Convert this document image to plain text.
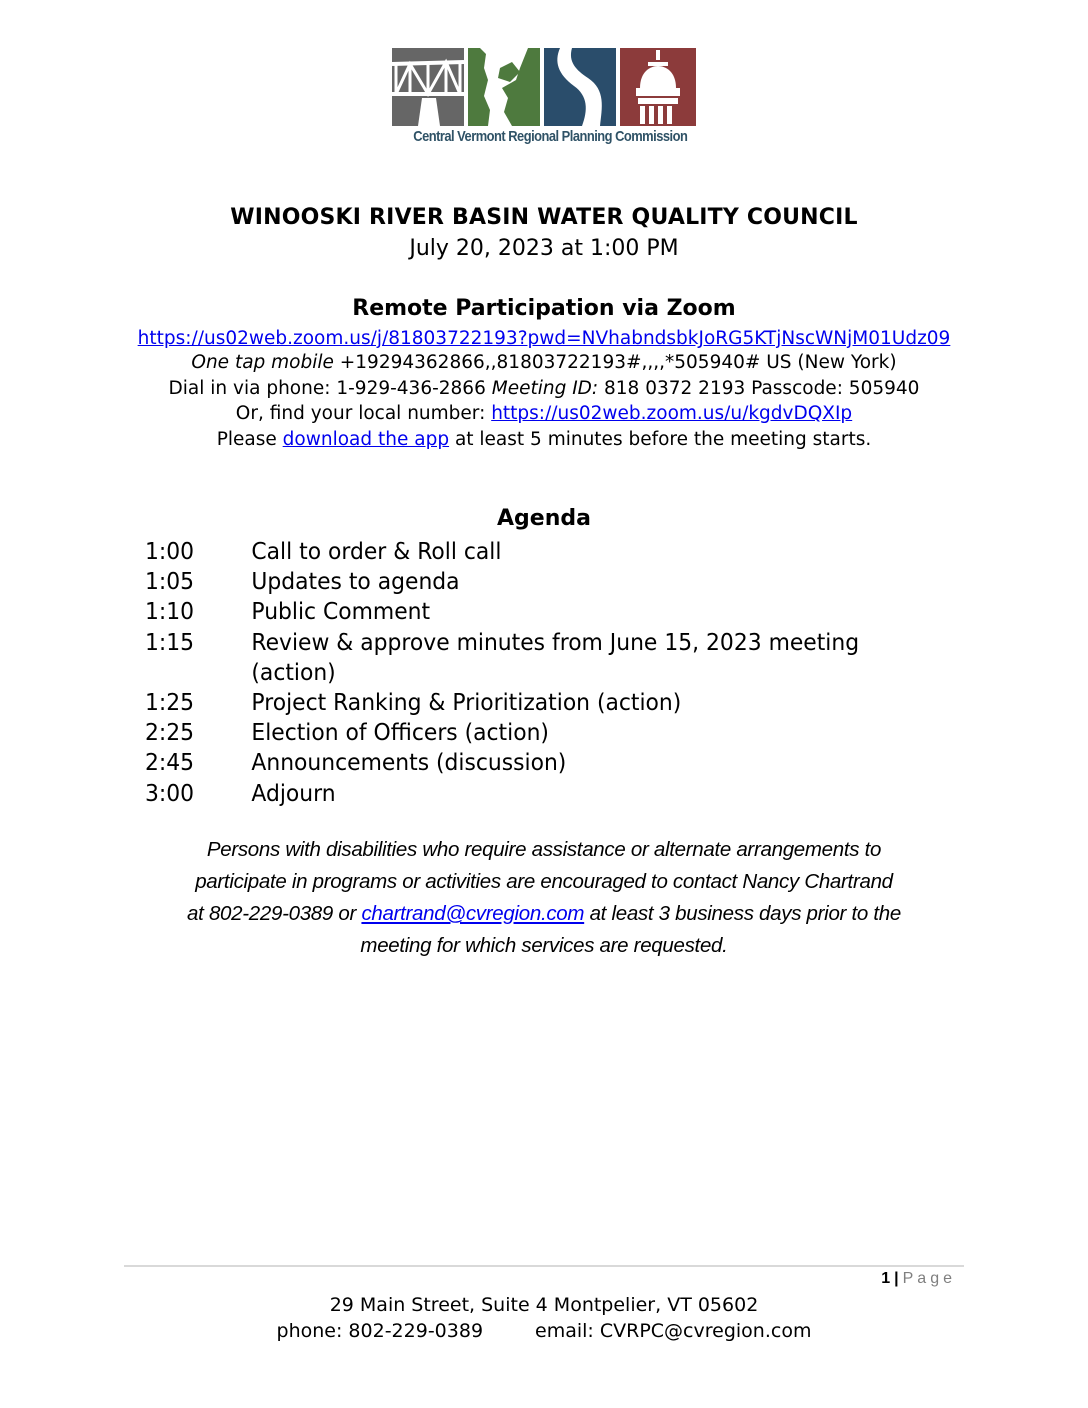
Central Vermont Regional Planning Commission
WINOOSKI RIVER BASIN WATER QUALITY COUNCIL
July 20, 2023 at 1:00 PM
Remote Participation via Zoom
https://us02web.zoom.us/j/81803722193?pwd=NVhabndsbkJoRG5KTjNscWNjM01Udz09
One tap mobile +19294362866,,81803722193#,,,,*505940# US (New York)
Dial in via phone: 1-929-436-2866 Meeting ID: 818 0372 2193 Passcode: 505940
Or, find your local number: https://us02web.zoom.us/u/kgdvDQXIp
Please download the app at least 5 minutes before the meeting starts.
Agenda
1:00	Call to order & Roll call
1:05	Updates to agenda
1:10	Public Comment
1:15	Review & approve minutes from June 15, 2023 meeting
(action)
1:25	Project Ranking & Prioritization (action)
2:25	Election of Officers (action)
2:45	Announcements (discussion)
3:00	Adjourn
Persons with disabilities who require assistance or alternate arrangements to
participate in programs or activities are encouraged to contact Nancy Chartrand
at 802-229-0389 or chartrand@cvregion.com at least 3 business days prior to the
meeting for which services are requested.
1 | Page
29 Main Street, Suite 4 Montpelier, VT 05602
phone: 802-229-0389	email: CVRPC@cvregion.com
